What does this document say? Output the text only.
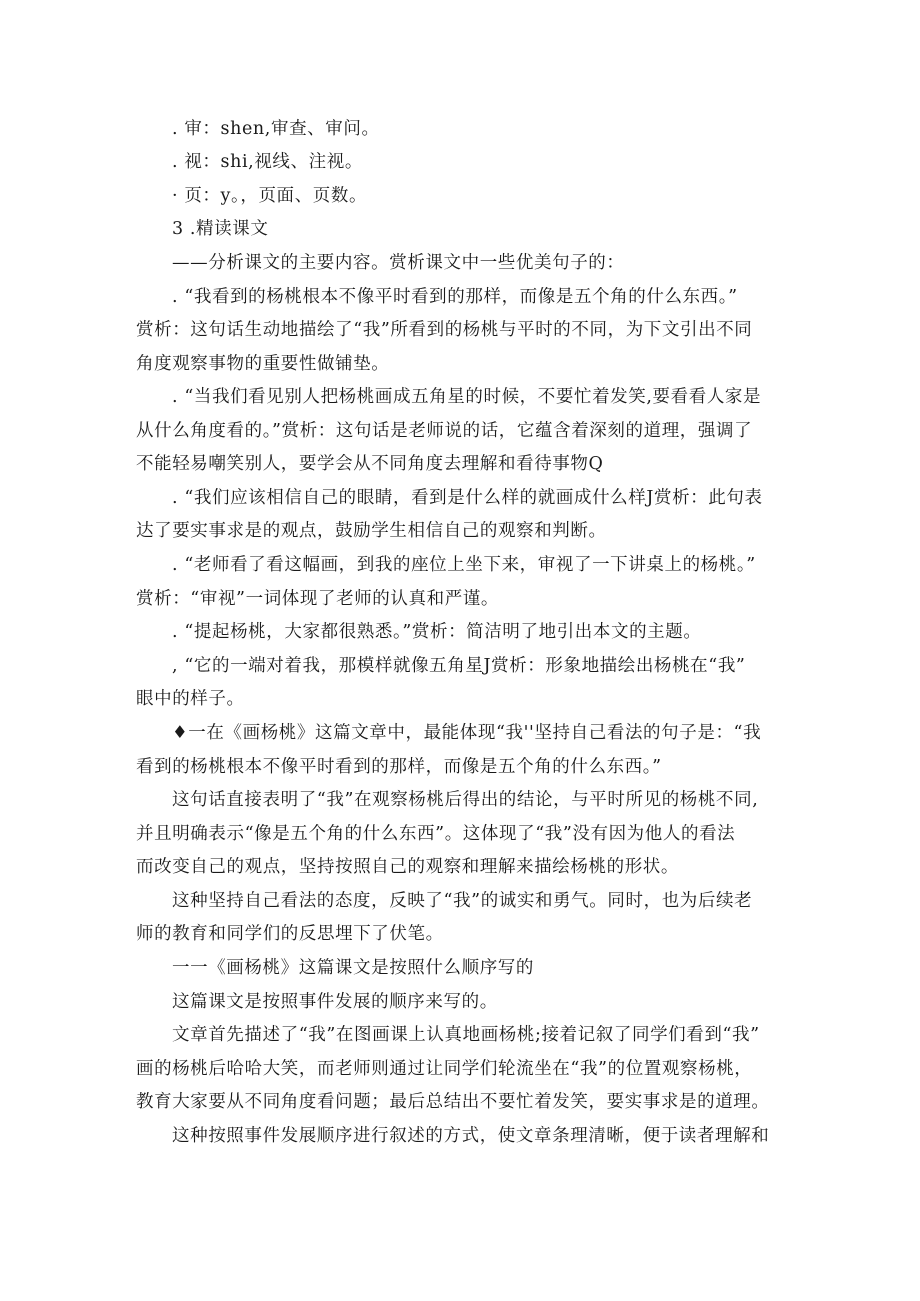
. 审：shen,审查、审问。
. 视：shi,视线、注视。
· 页：y。，页面、页数。
3 .精读课文
——分析课文的主要内容。赏析课文中一些优美句子的：
. “我看到的杨桃根本不像平时看到的那样，而像是五个角的什么东西。”
赏析：这句话生动地描绘了“我”所看到的杨桃与平时的不同，为下文引出不同
角度观察事物的重要性做铺垫。
. “当我们看见别人把杨桃画成五角星的时候，不要忙着发笑,要看看人家是
从什么角度看的。”赏析：这句话是老师说的话，它蕴含着深刻的道理，强调了
不能轻易嘲笑别人，要学会从不同角度去理解和看待事物Q
. “我们应该相信自己的眼睛，看到是什么样的就画成什么样J赏析：此句表
达了要实事求是的观点，鼓励学生相信自己的观察和判断。
. “老师看了看这幅画，到我的座位上坐下来，审视了一下讲桌上的杨桃。”
赏析：“审视”一词体现了老师的认真和严谨。
. “提起杨桃，大家都很熟悉。”赏析：简洁明了地引出本文的主题。
, “它的一端对着我，那模样就像五角星J赏析：形象地描绘出杨桃在“我”
眼中的样子。
♦一在《画杨桃》这篇文章中，最能体现“我''坚持自己看法的句子是：“我
看到的杨桃根本不像平时看到的那样，而像是五个角的什么东西。”
这句话直接表明了“我”在观察杨桃后得出的结论，与平时所见的杨桃不同,
并且明确表示“像是五个角的什么东西”。这体现了“我”没有因为他人的看法
而改变自己的观点，坚持按照自己的观察和理解来描绘杨桃的形状。
这种坚持自己看法的态度，反映了“我”的诚实和勇气。同时，也为后续老
师的教育和同学们的反思埋下了伏笔。
一一《画杨桃》这篇课文是按照什么顺序写的
这篇课文是按照事件发展的顺序来写的。
文章首先描述了“我”在图画课上认真地画杨桃;接着记叙了同学们看到“我”
画的杨桃后哈哈大笑，而老师则通过让同学们轮流坐在“我”的位置观察杨桃，
教育大家要从不同角度看问题；最后总结出不要忙着发笑，要实事求是的道理。
这种按照事件发展顺序进行叙述的方式，使文章条理清晰，便于读者理解和
